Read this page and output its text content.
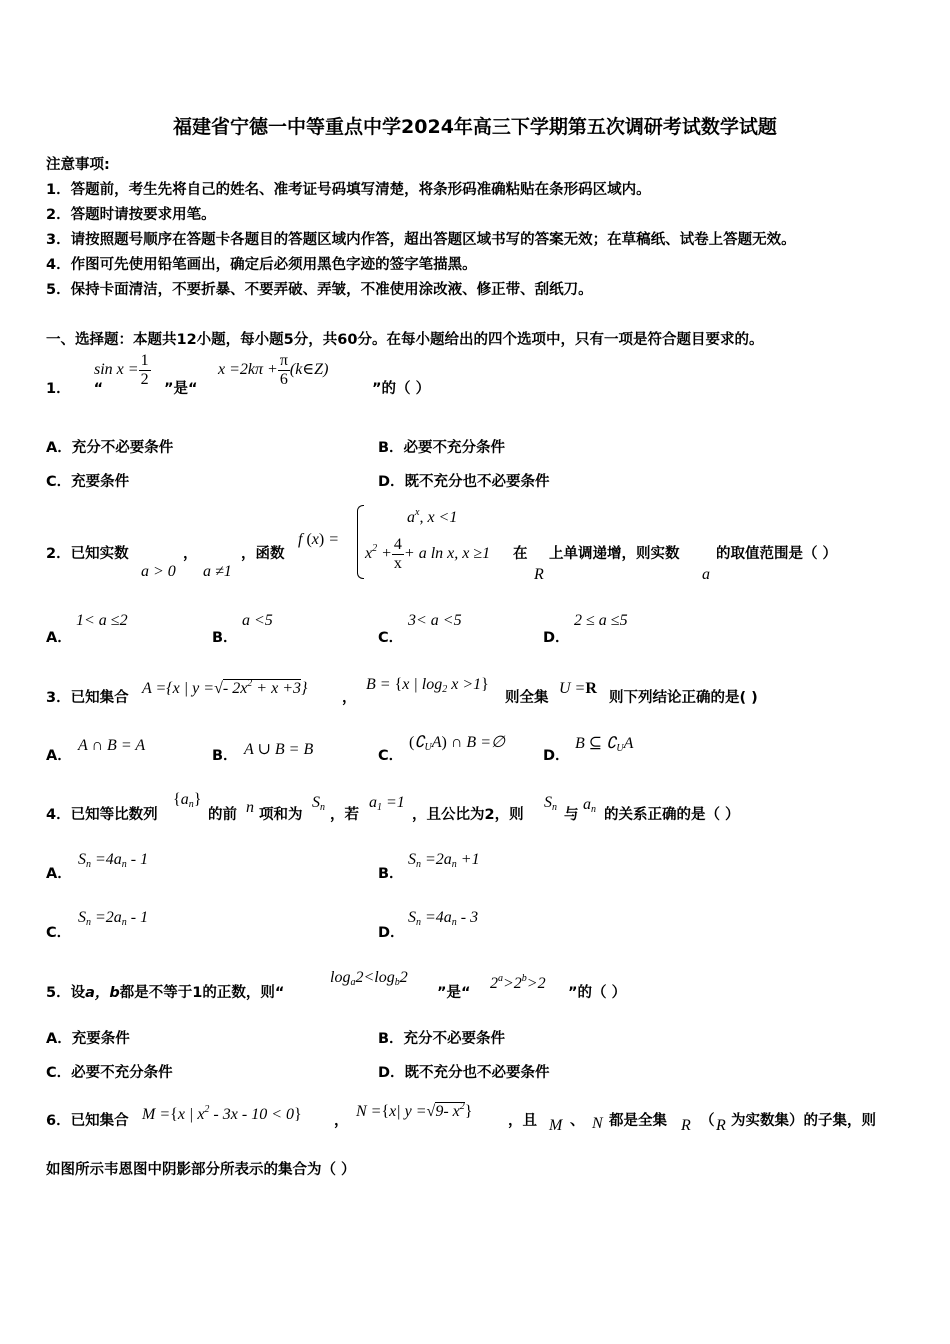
福建省宁德一中等重点中学2024年高三下学期第五次调研考试数学试题
注意事项:
1．答题前，考生先将自己的姓名、准考证号码填写清楚，将条形码准确粘贴在条形码区域内。
2．答题时请按要求用笔。
3．请按照题号顺序在答题卡各题目的答题区域内作答，超出答题区域书写的答案无效；在草稿纸、试卷上答题无效。
4．作图可先使用铅笔画出，确定后必须用黑色字迹的签字笔描黑。
5．保持卡面清洁，不要折暴、不要弄破、弄皱，不准使用涂改液、修正带、刮纸刀。
一、选择题：本题共12小题，每小题5分，共60分。在每小题给出的四个选项中，只有一项是符合题目要求的。
1． “
$\sin x = \frac{1}{2}$ ”是“
$x =2k\pi + \frac{\pi}{6}$ (k∈Z)
”的（ ）
A．充分不必要条件	B．必要不充分条件
C．充要条件	D．既不充分也不必要条件
2．已知实数
a > 0
，
a ≠1
，函数
f (x) =
$a^x$, x <1
$x^2 + \frac{4}{x} + a$ ln x, x ≥1 在
R
上单调递增，则实数
a
的取值范围是（ ）
A．
1< a ≤2
B．
a <5
C．
3< a <5
D．
2 ≤ a ≤5
3．已知集合
A ={x | y =√- $2x^2 + x +3$}
，
B = {x | $\log_2 x >1$}
则全集
U =R
则下列结论正确的是( )
A．
A ∩ B = A
B． A ∪ B = B	C．
$(∁_UA)$ ∩ B =∅
D．
B ⊆ $∁_UA$
4．已知等比数列
$\{a_n\}$
的前 n 项和为
$S_n$ ，若
$a_1 =1$
，且公比为2，则
$S_n$ 与
$a_n$ 的关系正确的是（ ）
A．
$S_n =4a_n - 1$
B．
$S_n =2a_n +1$
C．
$S_n =2a_n - 1$
D．
$S_n =4a_n - 3$
5．设a，b都是不等于1的正数，则“
$\log_a2<\log_b2$
”是“
$2^a>2^b>2$
”的（ ）
A．充要条件	B．充分不必要条件
C．必要不充分条件	D．既不充分也不必要条件
6．已知集合 M ={x | $x^2 - 3x - 10 < 0$} ，
N ={x| y =√9- $x^2$}
，且 M 、 N 都是全集 R （ R 为实数集）的子集，则
如图所示韦恩图中阴影部分所表示的集合为（ ）
